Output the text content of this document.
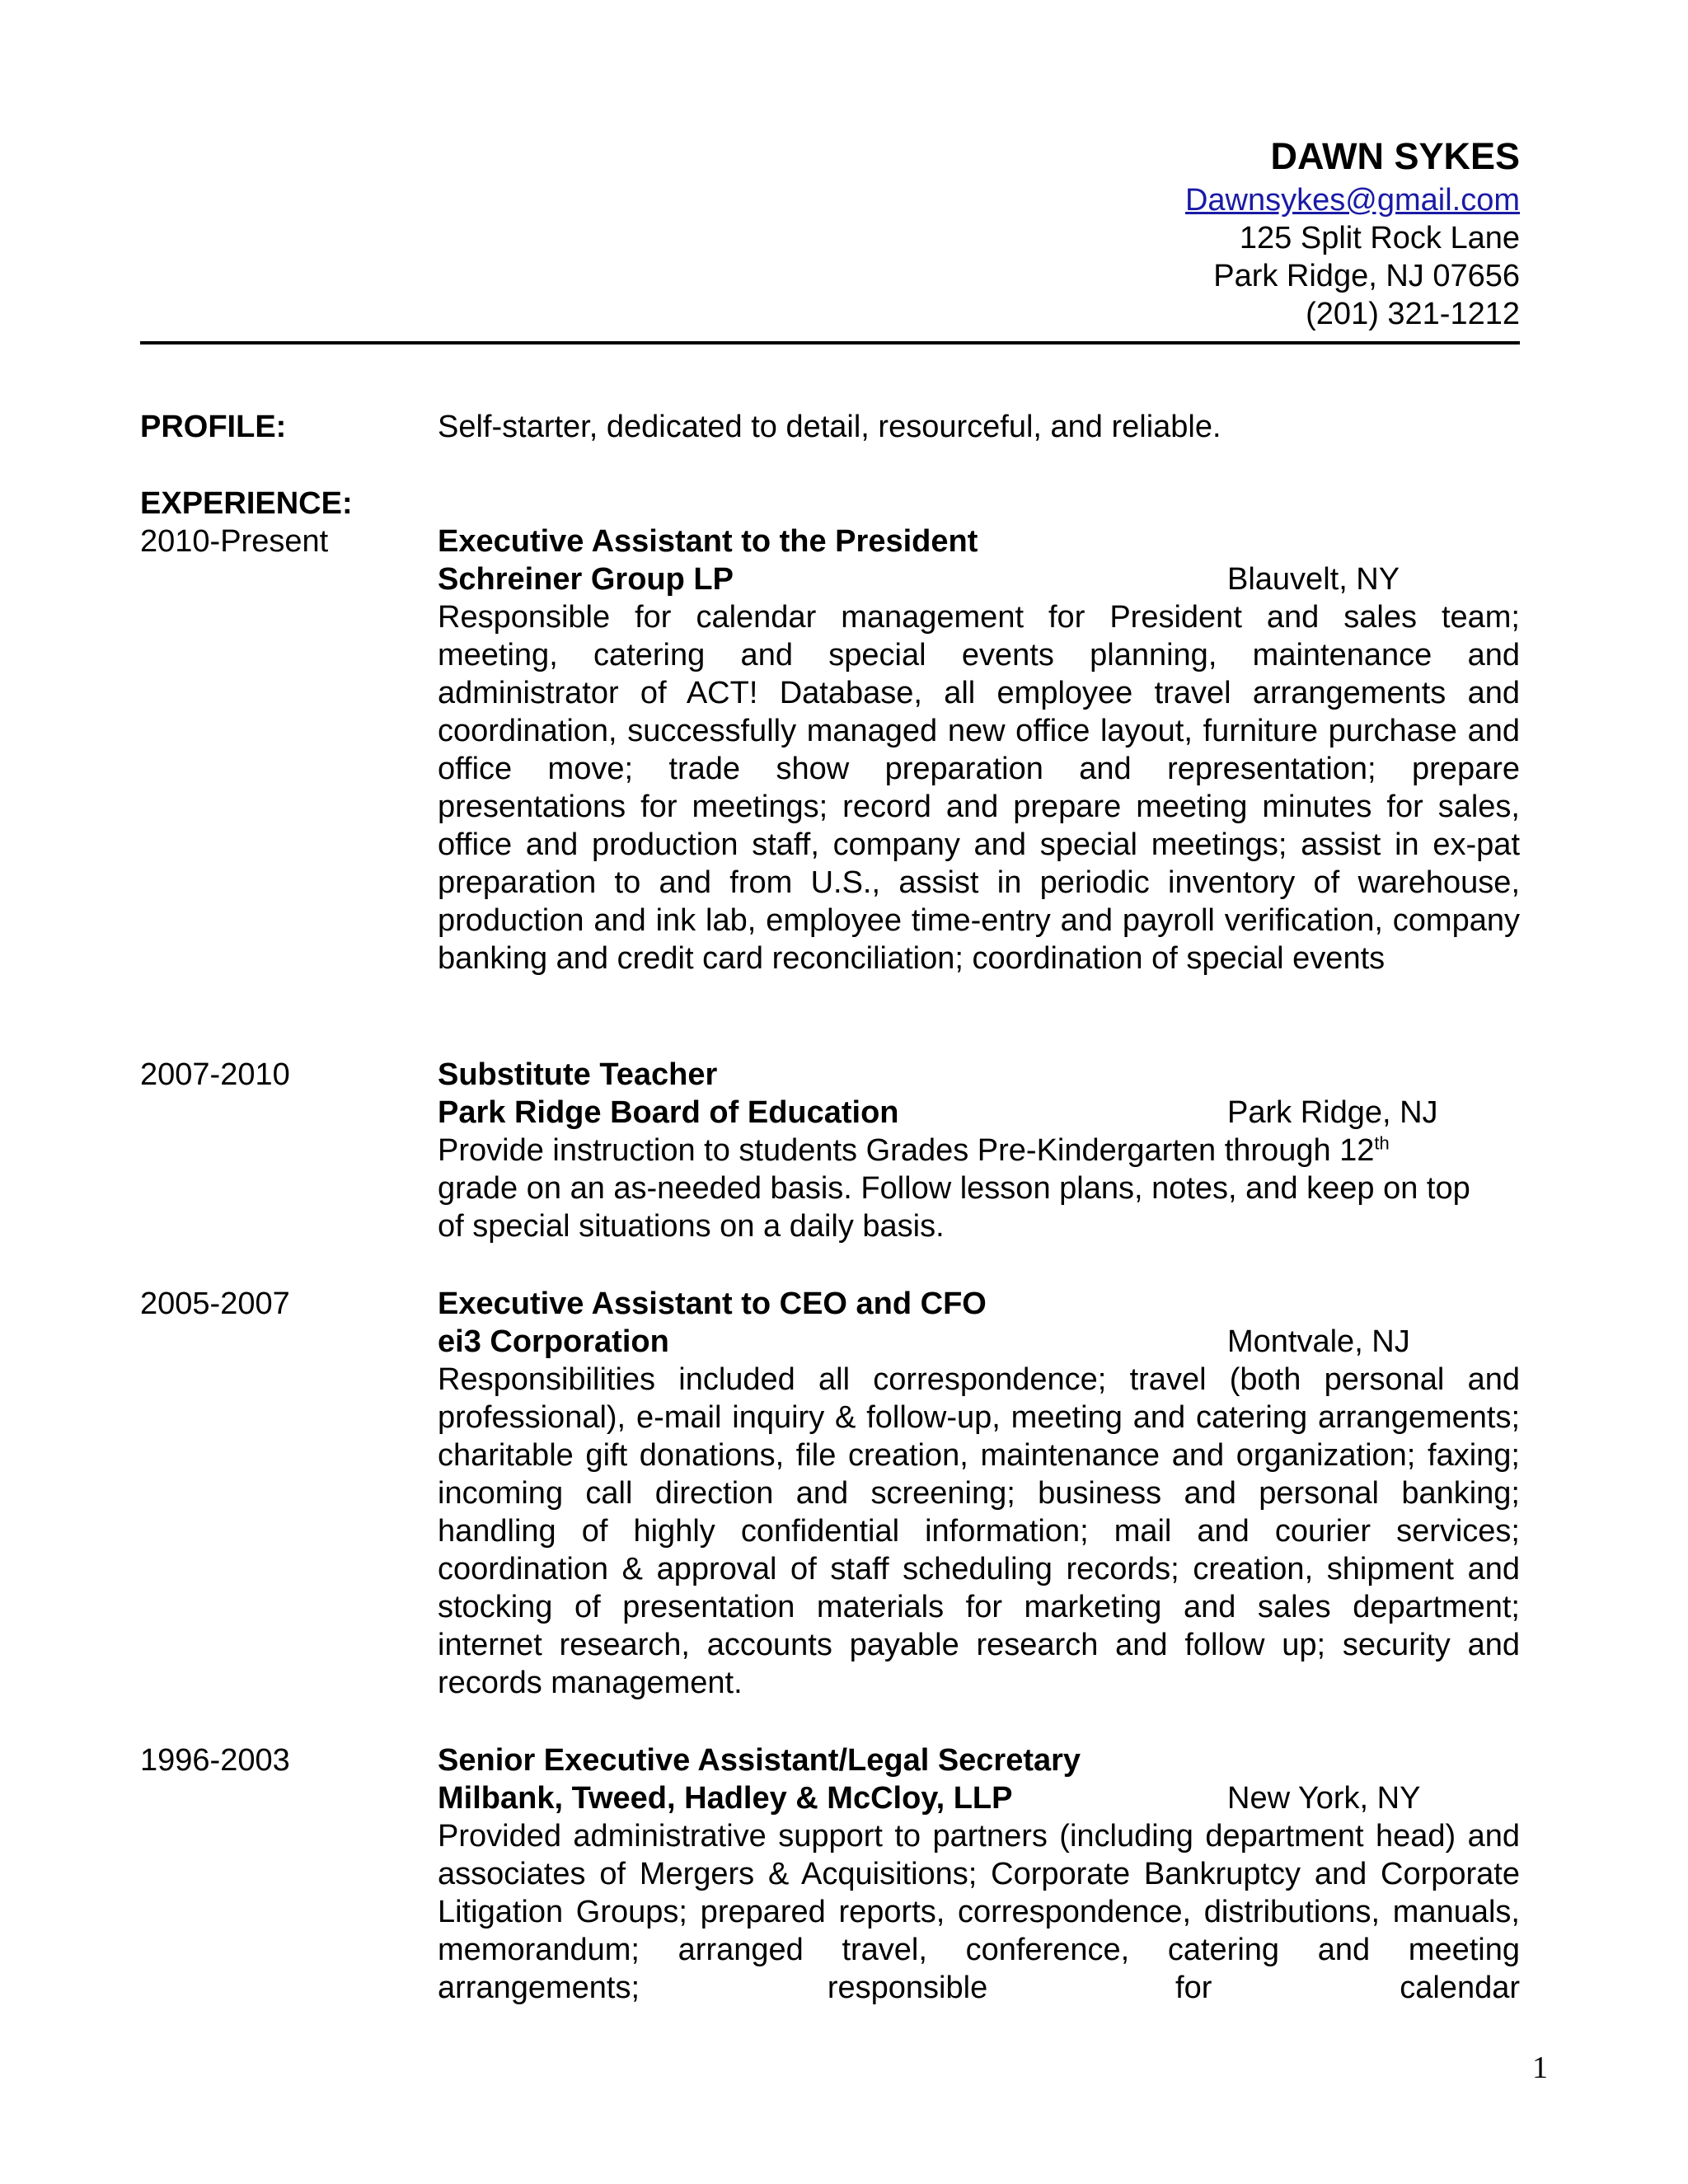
DAWN SYKES
Dawnsykes@gmail.com
125 Split Rock Lane
Park Ridge, NJ 07656
(201) 321-1212
PROFILE:	Self-starter, dedicated to detail, resourceful, and reliable.
EXPERIENCE:
2010-Present	Executive Assistant to the President
Schreiner Group LP	Blauvelt, NY
Responsible for calendar management for President and sales team; meeting, catering and special events planning, maintenance and administrator of ACT! Database, all employee travel arrangements and coordination, successfully managed new office layout, furniture purchase and office move; trade show preparation and representation; prepare presentations for meetings; record and prepare meeting minutes for sales, office and production staff, company and special meetings; assist in ex-pat preparation to and from U.S., assist in periodic inventory of warehouse, production and ink lab, employee time-entry and payroll verification, company banking and credit card reconciliation; coordination of special events
2007-2010	Substitute Teacher
Park Ridge Board of Education	Park Ridge, NJ
Provide instruction to students Grades Pre-Kindergarten through 12th grade on an as-needed basis. Follow lesson plans, notes, and keep on top of special situations on a daily basis.
2005-2007	Executive Assistant to CEO and CFO
ei3 Corporation	Montvale, NJ
Responsibilities included all correspondence; travel (both personal and professional), e-mail inquiry & follow-up, meeting and catering arrangements; charitable gift donations, file creation, maintenance and organization; faxing; incoming call direction and screening; business and personal banking; handling of highly confidential information; mail and courier services; coordination & approval of staff scheduling records; creation, shipment and stocking of presentation materials for marketing and sales department; internet research, accounts payable research and follow up; security and records management.
1996-2003	Senior Executive Assistant/Legal Secretary
Milbank, Tweed, Hadley & McCloy, LLP	New York, NY
Provided administrative support to partners (including department head) and associates of Mergers & Acquisitions; Corporate Bankruptcy and Corporate Litigation Groups; prepared reports, correspondence, distributions, manuals, memorandum; arranged travel, conference, catering and meeting arrangements; responsible for calendar
1
